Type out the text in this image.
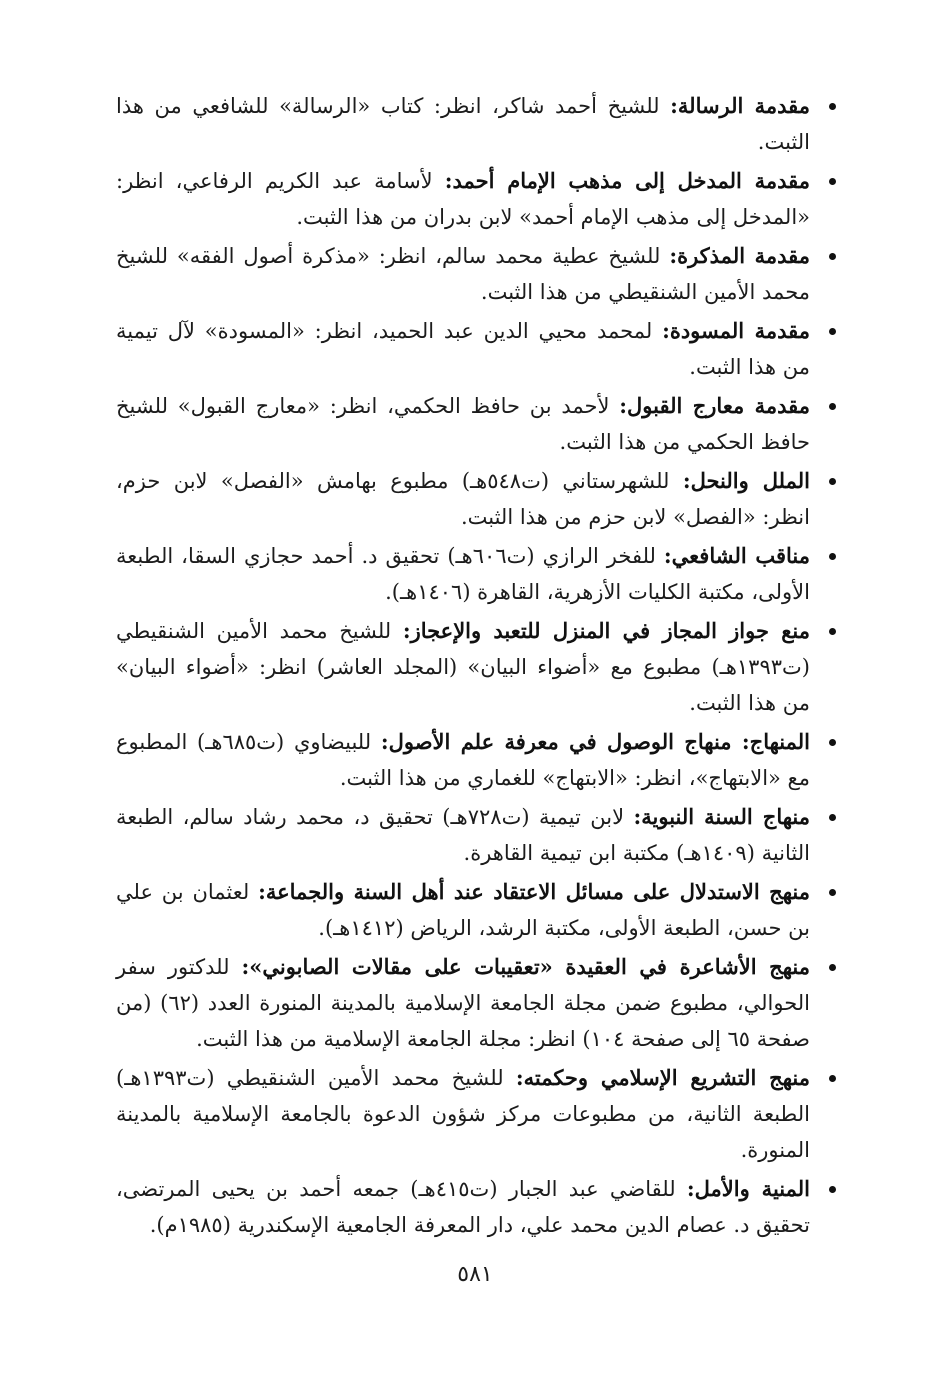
مقدمة الرسالة: للشيخ أحمد شاكر، انظر: كتاب «الرسالة» للشافعي من هذا الثبت.
مقدمة المدخل إلى مذهب الإمام أحمد: لأسامة عبد الكريم الرفاعي، انظر: «المدخل إلى مذهب الإمام أحمد» لابن بدران من هذا الثبت.
مقدمة المذكرة: للشيخ عطية محمد سالم، انظر: «مذكرة أصول الفقه» للشيخ محمد الأمين الشنقيطي من هذا الثبت.
مقدمة المسودة: لمحمد محيي الدين عبد الحميد، انظر: «المسودة» لآل تيمية من هذا الثبت.
مقدمة معارج القبول: لأحمد بن حافظ الحكمي، انظر: «معارج القبول» للشيخ حافظ الحكمي من هذا الثبت.
الملل والنحل: للشهرستاني (ت٥٤٨هـ) مطبوع بهامش «الفصل» لابن حزم، انظر: «الفصل» لابن حزم من هذا الثبت.
مناقب الشافعي: للفخر الرازي (ت٦٠٦هـ) تحقيق د. أحمد حجازي السقا، الطبعة الأولى، مكتبة الكليات الأزهرية، القاهرة (١٤٠٦هـ).
منع جواز المجاز في المنزل للتعبد والإعجاز: للشيخ محمد الأمين الشنقيطي (ت١٣٩٣هـ) مطبوع مع «أضواء البيان» (المجلد العاشر) انظر: «أضواء البيان» من هذا الثبت.
المنهاج: منهاج الوصول في معرفة علم الأصول: للبيضاوي (ت٦٨٥هـ) المطبوع مع «الابتهاج»، انظر: «الابتهاج» للغماري من هذا الثبت.
منهاج السنة النبوية: لابن تيمية (ت٧٢٨هـ) تحقيق د، محمد رشاد سالم، الطبعة الثانية (١٤٠٩هـ) مكتبة ابن تيمية القاهرة.
منهج الاستدلال على مسائل الاعتقاد عند أهل السنة والجماعة: لعثمان بن علي بن حسن، الطبعة الأولى، مكتبة الرشد، الرياض (١٤١٢هـ).
منهج الأشاعرة في العقيدة «تعقيبات على مقالات الصابوني»: للدكتور سفر الحوالي، مطبوع ضمن مجلة الجامعة الإسلامية بالمدينة المنورة العدد (٦٢) (من صفحة ٦٥ إلى صفحة ١٠٤) انظر: مجلة الجامعة الإسلامية من هذا الثبت.
منهج التشريع الإسلامي وحكمته: للشيخ محمد الأمين الشنقيطي (ت١٣٩٣هـ) الطبعة الثانية، من مطبوعات مركز شؤون الدعوة بالجامعة الإسلامية بالمدينة المنورة.
المنية والأمل: للقاضي عبد الجبار (ت٤١٥هـ) جمعه أحمد بن يحيى المرتضى، تحقيق د. عصام الدين محمد علي، دار المعرفة الجامعية الإسكندرية (١٩٨٥م).
٥٨١
